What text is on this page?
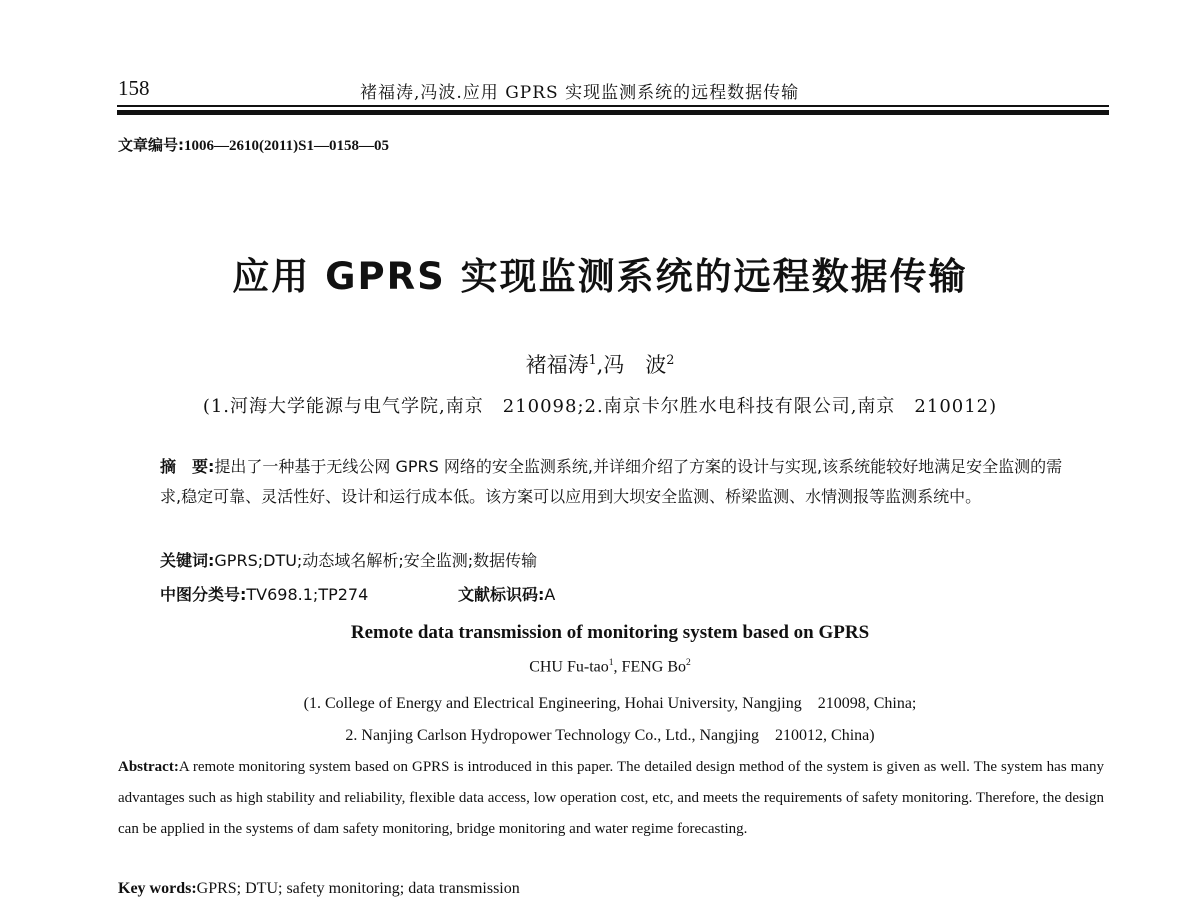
158	褚福涛,冯波.应用 GPRS 实现监测系统的远程数据传输
文章编号:1006—2610(2011)S1—0158—05
应用 GPRS 实现监测系统的远程数据传输
褚福涛$^1$,冯　波$^2$
(1.河海大学能源与电气学院,南京　210098;2.南京卡尔胜水电科技有限公司,南京　210012)
摘　要:提出了一种基于无线公网 GPRS 网络的安全监测系统,并详细介绍了方案的设计与实现,该系统能较好地满足安全监测的需求,稳定可靠、灵活性好、设计和运行成本低。该方案可以应用到大坝安全监测、桥梁监测、水情测报等监测系统中。
关键词:GPRS;DTU;动态域名解析;安全监测;数据传输
中图分类号:TV698.1;TP274	文献标识码:A
Remote data transmission of monitoring system based on GPRS
CHU Fu-tao$^1$, FENG Bo$^2$
(1. College of Energy and Electrical Engineering, Hohai University, Nangjing　210098, China;
2. Nanjing Carlson Hydropower Technology Co., Ltd., Nangjing　210012, China)
Abstract:A remote monitoring system based on GPRS is introduced in this paper. The detailed design method of the system is given as well. The system has many advantages such as high stability and reliability, flexible data access, low operation cost, etc, and meets the requirements of safety monitoring. Therefore, the design can be applied in the systems of dam safety monitoring, bridge monitoring and water regime forecasting.
Key words:GPRS; DTU; safety monitoring; data transmission
